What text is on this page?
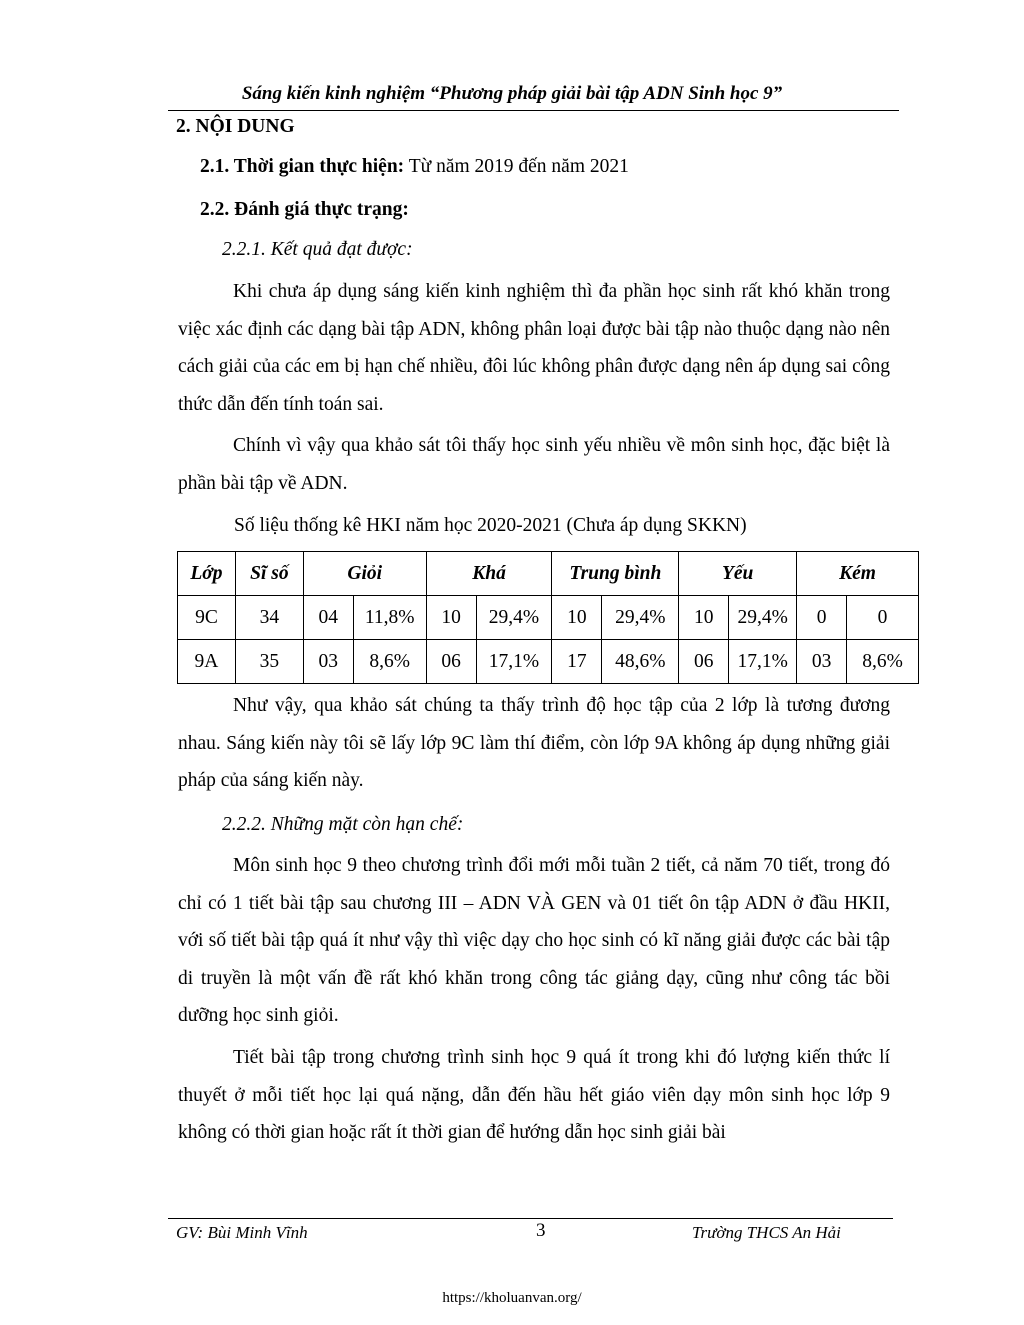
Sáng kiến kinh nghiệm “Phương pháp giải bài tập ADN Sinh học 9”
2. NỘI DUNG
2.1. Thời gian thực hiện: Từ năm 2019 đến năm 2021
2.2. Đánh giá thực trạng:
2.2.1. Kết quả đạt được:

Khi chưa áp dụng sáng kiến kinh nghiệm thì đa phần học sinh rất khó khăn trong việc xác định các dạng bài tập ADN, không phân loại được bài tập nào thuộc dạng nào nên cách giải của các em bị hạn chế nhiều, đôi lúc không phân được dạng nên áp dụng sai công thức dẫn đến tính toán sai.

Chính vì vậy qua khảo sát tôi thấy học sinh yếu nhiều về môn sinh học, đặc biệt là phần bài tập về ADN.

Số liệu thống kê HKI năm học 2020-2021 (Chưa áp dụng SKKN)
Lớp	Sĩ số	Giỏi		Khá		Trung bình		Yếu		Kém	
9C	34	04	11,8%	10	29,4%	10	29,4%	10	29,4%	0	0
9A	35	03	8,6%	06	17,1%	17	48,6%	06	17,1%	03	8,6%

Như vậy, qua khảo sát chúng ta thấy trình độ học tập của 2 lớp là tương đương nhau. Sáng kiến này tôi sẽ lấy lớp 9C làm thí điểm, còn lớp 9A không áp dụng những giải pháp của sáng kiến này.

2.2.2. Những mặt còn hạn chế:

Môn sinh học 9 theo chương trình đổi mới mỗi tuần 2 tiết, cả năm 70 tiết, trong đó chỉ có 1 tiết bài tập sau chương III – ADN VÀ GEN và 01 tiết ôn tập ADN ở đầu HKII, với số tiết bài tập quá ít như vậy thì việc dạy cho học sinh có kĩ năng giải được các bài tập di truyền là một vấn đề rất khó khăn trong công tác giảng dạy, cũng như công tác bồi dưỡng học sinh giỏi.

Tiết bài tập trong chương trình sinh học 9 quá ít trong khi đó lượng kiến thức lí thuyết ở mỗi tiết học lại quá nặng, dẫn đến hầu hết giáo viên dạy môn sinh học lớp 9 không có thời gian hoặc rất ít thời gian để hướng dẫn học sinh giải bài

GV: Bùi Minh Vĩnh	3	Trường THCS An Hải
https://kholuanvan.org/
